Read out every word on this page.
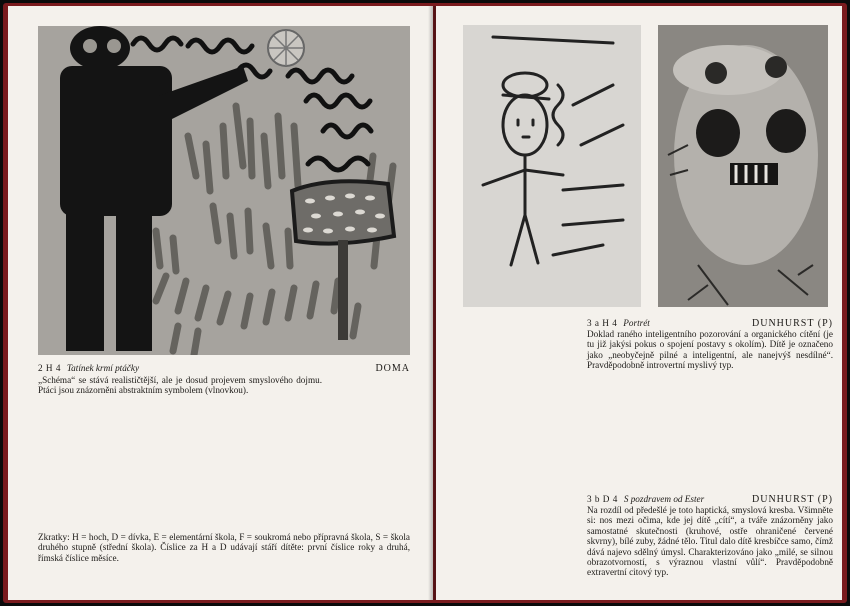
2 H 4 Tatínek krmí ptáčky	DOMA

„Schéma“ se stává realističtější, ale je dosud projevem smyslového dojmu. Ptáci jsou znázorněni abstraktním symbolem (vlnovkou).

Zkratky: H = hoch, D = dívka, E = elementární škola, F = soukromá nebo přípravná škola, S = škola druhého stupně (střední škola). Číslice za H a D udávají stáří dítěte: první číslice roky a druhá, římská číslice měsíce.

3 a H 4 Portrét	DUNHURST (P)

Doklad raného inteligentního pozorování a organického cítění (je tu již jakýsi pokus o spojení postavy s okolím). Dítě je označeno jako „neobyčejně pilné a inteligentní, ale nanejvýš nesdílné“. Pravděpodobně introvertní myslivý typ.

3 b D 4 S pozdravem od Ester	DUNHURST (P)

Na rozdíl od předešlé je toto haptická, smyslová kresba. Všimněte si: nos mezi očima, kde jej dítě „cítí“, a tváře znázorněny jako samostatné skutečnosti (kruhové, ostře ohraničené červené skvrny), bílé zuby, žádné tělo. Titul dalo dítě kresbíčce samo, čímž dává najevo sdělný úmysl. Charakterizováno jako „milé, se silnou obrazotvorností, s výraznou vlastní vůlí“. Pravděpodobně extravertní citový typ.
